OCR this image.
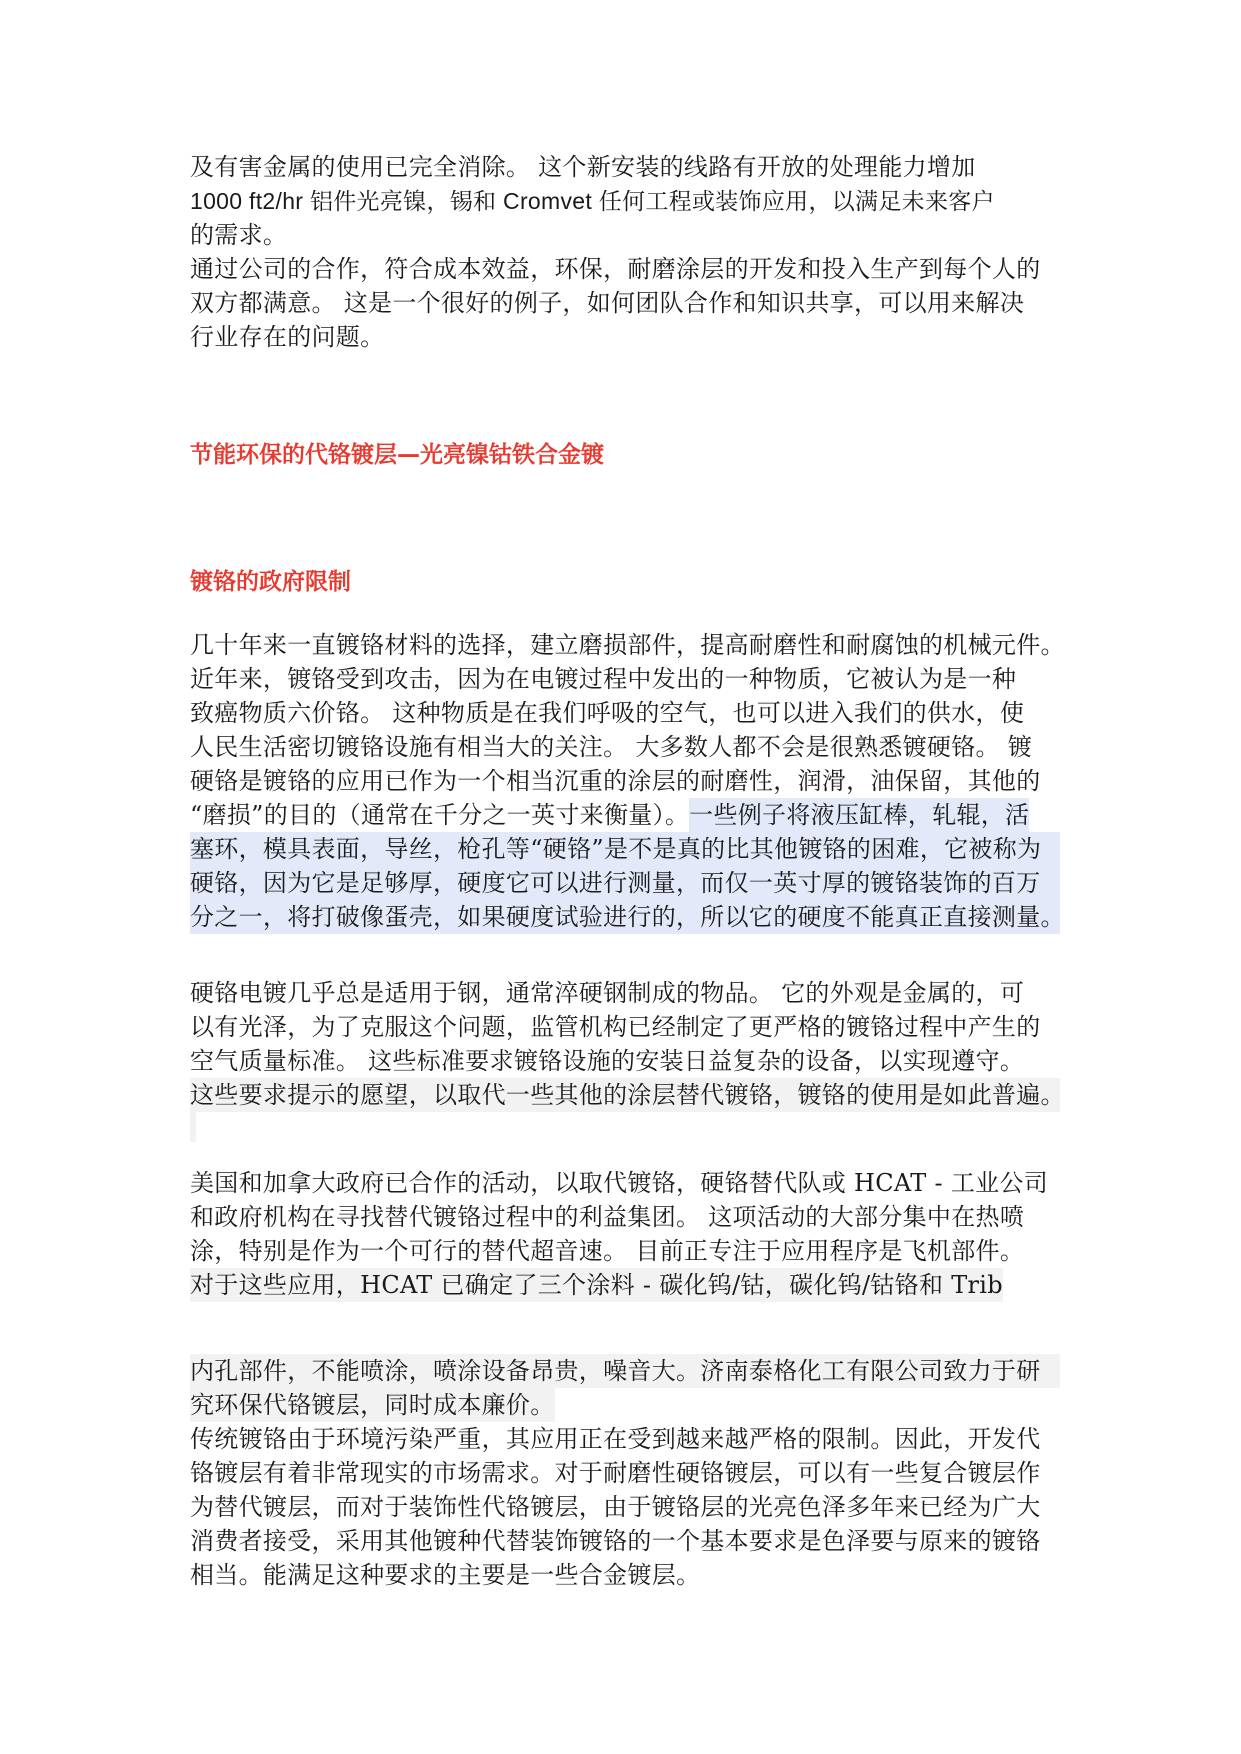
及有害金属的使用已完全消除。 这个新安装的线路有开放的处理能力增加
1000 ft2/hr 铝件光亮镍，锡和 Cromvet 任何工程或装饰应用，以满足未来客户
的需求。
通过公司的合作，符合成本效益，环保，耐磨涂层的开发和投入生产到每个人的
双方都满意。 这是一个很好的例子，如何团队合作和知识共享，可以用来解决
行业存在的问题。
节能环保的代铬镀层—光亮镍钴铁合金镀
镀铬的政府限制
几十年来一直镀铬材料的选择，建立磨损部件，提高耐磨性和耐腐蚀的机械元件。
近年来，镀铬受到攻击，因为在电镀过程中发出的一种物质，它被认为是一种
致癌物质六价铬。 这种物质是在我们呼吸的空气，也可以进入我们的供水，使
人民生活密切镀铬设施有相当大的关注。 大多数人都不会是很熟悉镀硬铬。 镀
硬铬是镀铬的应用已作为一个相当沉重的涂层的耐磨性，润滑，油保留，其他的
“磨损”的目的（通常在千分之一英寸来衡量）。一些例子将液压缸棒，轧辊，活
塞环，模具表面，导丝，枪孔等“硬铬”是不是真的比其他镀铬的困难，它被称为
硬铬，因为它是足够厚，硬度它可以进行测量，而仅一英寸厚的镀铬装饰的百万
分之一，将打破像蛋壳，如果硬度试验进行的，所以它的硬度不能真正直接测量。
硬铬电镀几乎总是适用于钢，通常淬硬钢制成的物品。 它的外观是金属的，可
以有光泽，为了克服这个问题，监管机构已经制定了更严格的镀铬过程中产生的
空气质量标准。 这些标准要求镀铬设施的安装日益复杂的设备，以实现遵守。
这些要求提示的愿望，以取代一些其他的涂层替代镀铬，镀铬的使用是如此普遍。
美国和加拿大政府已合作的活动，以取代镀铬，硬铬替代队或 HCAT - 工业公司
和政府机构在寻找替代镀铬过程中的利益集团。 这项活动的大部分集中在热喷
涂，特别是作为一个可行的替代超音速。 目前正专注于应用程序是飞机部件。
对于这些应用，HCAT 已确定了三个涂料 - 碳化钨/钴，碳化钨/钴铬和 Trib
内孔部件，不能喷涂，喷涂设备昂贵，噪音大。济南泰格化工有限公司致力于研
究环保代铬镀层，同时成本廉价。
传统镀铬由于环境污染严重，其应用正在受到越来越严格的限制。因此，开发代
铬镀层有着非常现实的市场需求。对于耐磨性硬铬镀层，可以有一些复合镀层作
为替代镀层，而对于装饰性代铬镀层，由于镀铬层的光亮色泽多年来已经为广大
消费者接受，采用其他镀种代替装饰镀铬的一个基本要求是色泽要与原来的镀铬
相当。能满足这种要求的主要是一些合金镀层。
